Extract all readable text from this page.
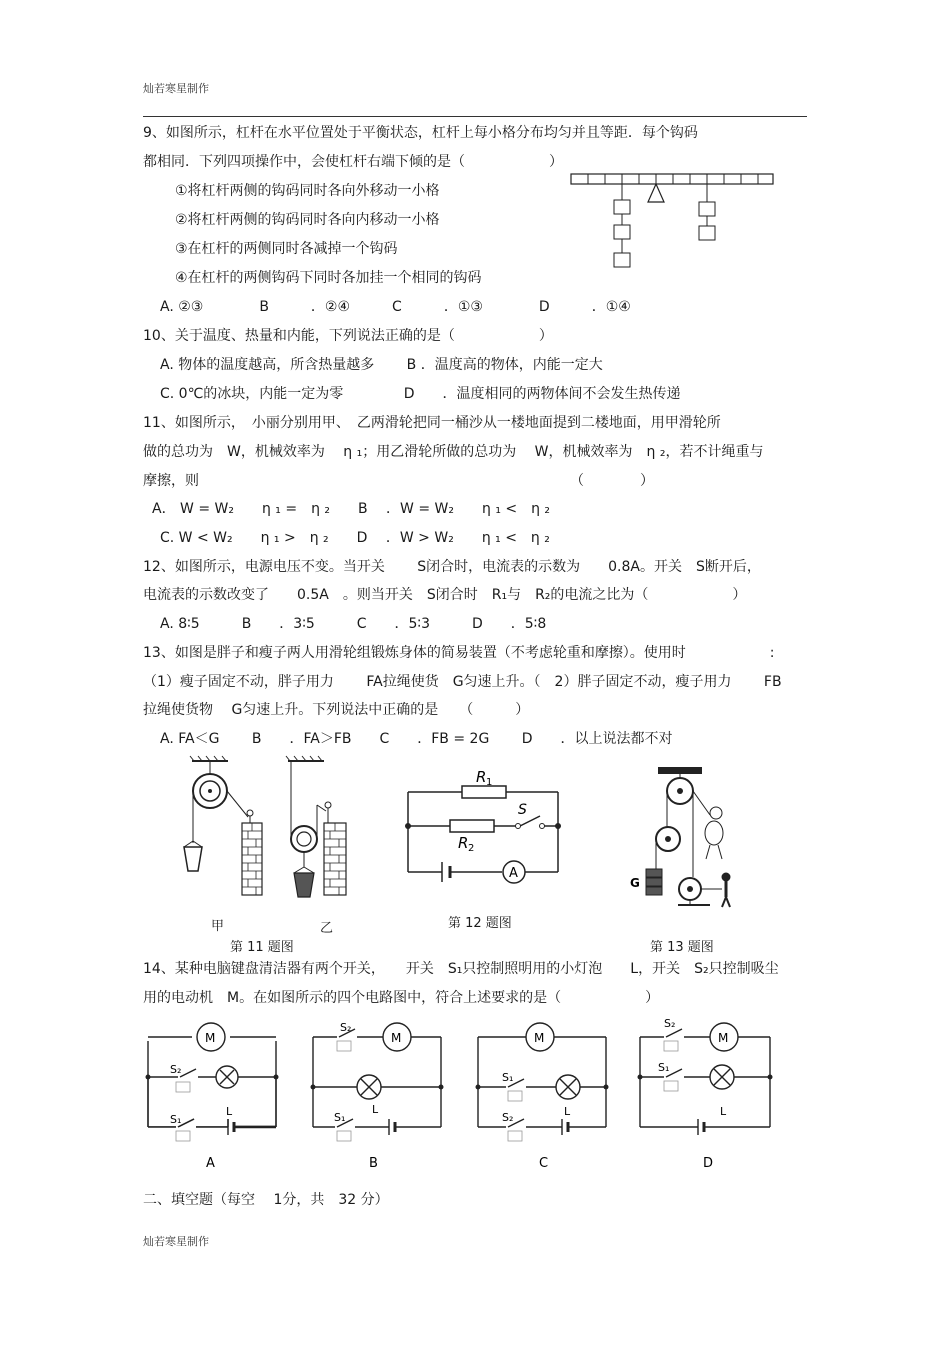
灿若寒星制作
9、如图所示，杠杆在水平位置处于平衡状态，杠杆上每小格分布均匀并且等距．每个钩码
都相同．下列四项操作中，会使杠杆右端下倾的是（　　　　　　）
①将杠杆两侧的钩码同时各向外移动一小格
②将杠杆两侧的钩码同时各向内移动一小格
③在杠杆的两侧同时各减掉一个钩码
④在杠杆的两侧钩码下同时各加挂一个相同的钩码
A. ②③　　　　B　　　．②④　　　C　　　．①③　　　　D　　　．①④
10、关于温度、热量和内能，下列说法正确的是（　　　　　　）
A. 物体的温度越高，所含热量越多　　 B ．温度高的物体，内能一定大
C. 0℃的冰块，内能一定为零　　　　 D　　．温度相同的两物体间不会发生热传递
11、如图所示，　小丽分别用甲、　乙两滑轮把同一桶沙从一楼地面提到二楼地面，用甲滑轮所
做的总功为　W，机械效率为　 η ₁；用乙滑轮所做的总功为　 W，机械效率为　η ₂，若不计绳重与
摩擦，则　　　　　　　　　　　　　　　　　　　　　　　　　　　（　　　　）
A． W = W₂　　η ₁ =　η ₂　　B　 ．W = W₂　　η ₁ <　η ₂
C. W < W₂　　η ₁ >　η ₂　　D　 ．W > W₂　　η ₁ <　η ₂
12、如图所示，电源电压不变。当开关　　 S闭合时，电流表的示数为　　0.8A。开关　S断开后，
电流表的示数改变了　　0.5A　。则当开关　S闭合时　R₁与　R₂的电流之比为（　　　　　　）
A. 8∶5　　　B　　．3∶5　　　C　　．5∶3　　　D　　．5∶8
13、如图是胖子和瘦子两人用滑轮组锻炼身体的简易装置（不考虑轮重和摩擦）。使用时　　　　　　:
（1）瘦子固定不动，胖子用力　　 FA拉绳使货　G匀速上升。（　2）胖子固定不动，瘦子用力　　 FB
拉绳使货物　 G匀速上升。下列说法中正确的是　　（　　　）
A. FA＜G　　 B　　．FA＞FB　　C　　．FB = 2G　　 D　　．以上说法都不对
甲	乙
第 11 题图
R 1
R 2
S
A
第 12 题图
G
第 13 题图
14、某种电脑键盘清洁器有两个开关，　　开关　S₁只控制照明用的小灯泡　　L，开关　S₂只控制吸尘
用的电动机　M。在如图所示的四个电路图中，符合上述要求的是（　　　　　　）
M
S₂
S₁
L
M
S₂
S₁
L
M
S₁
S₂	L
M
S₂
S₁
L
A	B	C	D
二、填空题（每空　 1分，共　32 分）
灿若寒星制作
